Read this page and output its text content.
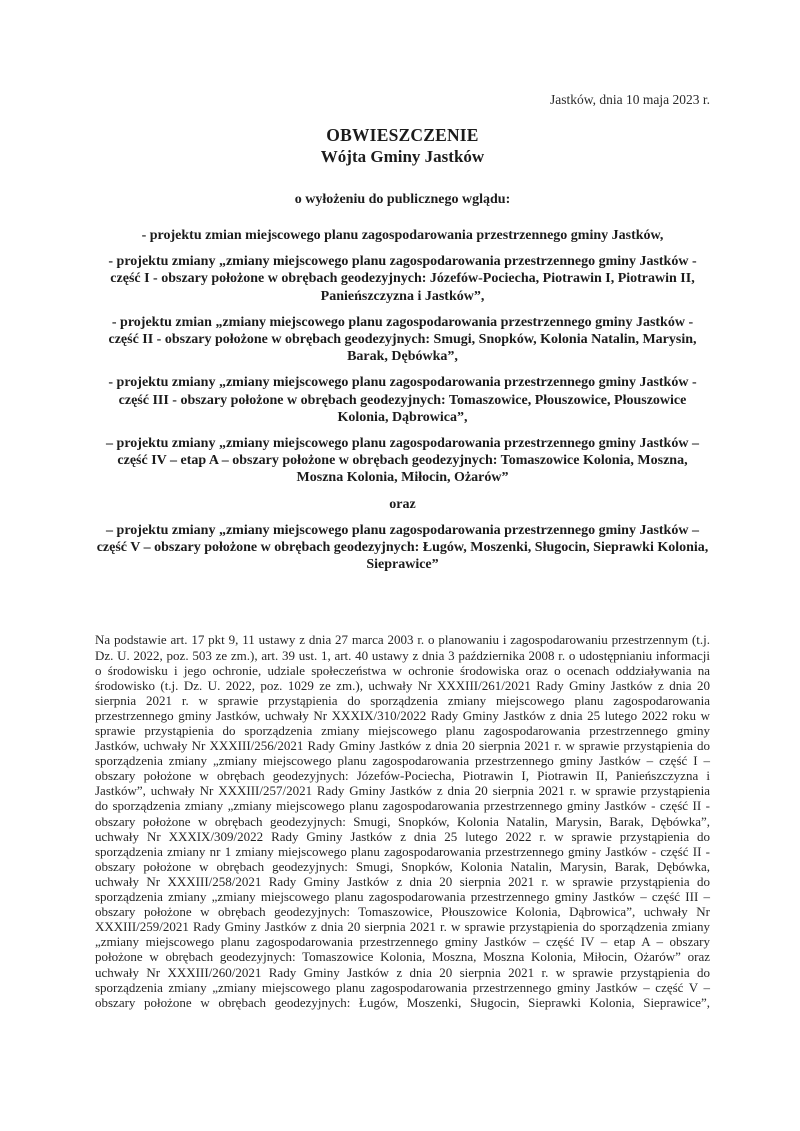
Jastków, dnia 10 maja 2023 r.

OBWIESZCZENIE
Wójta Gminy Jastków

o wyłożeniu do publicznego wglądu:

- projektu zmian miejscowego planu zagospodarowania przestrzennego gminy Jastków,

- projektu zmiany „zmiany miejscowego planu zagospodarowania przestrzennego gminy Jastków - część I - obszary położone w obrębach geodezyjnych: Józefów-Pociecha, Piotrawin I, Piotrawin II, Panieńszczyzna i Jastków”,

- projektu zmian „zmiany miejscowego planu zagospodarowania przestrzennego gminy Jastków - część II - obszary położone w obrębach geodezyjnych: Smugi, Snopków, Kolonia Natalin, Marysin, Barak, Dębówka”,

- projektu zmiany „zmiany miejscowego planu zagospodarowania przestrzennego gminy Jastków - część III - obszary położone w obrębach geodezyjnych: Tomaszowice, Płouszowice, Płouszowice Kolonia, Dąbrowica”,

– projektu zmiany „zmiany miejscowego planu zagospodarowania przestrzennego gminy Jastków – część IV – etap A – obszary położone w obrębach geodezyjnych: Tomaszowice Kolonia, Moszna, Moszna Kolonia, Miłocin, Ożarów”

oraz

– projektu zmiany „zmiany miejscowego planu zagospodarowania przestrzennego gminy Jastków – część V – obszary położone w obrębach geodezyjnych: Ługów, Moszenki, Sługocin, Sieprawki Kolonia, Sieprawice”

Na podstawie art. 17 pkt 9, 11 ustawy z dnia 27 marca 2003 r. o planowaniu i zagospodarowaniu przestrzennym (t.j. Dz. U. 2022, poz. 503 ze zm.), art. 39 ust. 1, art. 40 ustawy z dnia 3 października 2008 r. o udostępnianiu informacji o środowisku i jego ochronie, udziale społeczeństwa w ochronie środowiska oraz o ocenach oddziaływania na środowisko (t.j. Dz. U. 2022, poz. 1029 ze zm.), uchwały Nr XXXIII/261/2021 Rady Gminy Jastków z dnia 20 sierpnia 2021 r. w sprawie przystąpienia do sporządzenia zmiany miejscowego planu zagospodarowania przestrzennego gminy Jastków, uchwały Nr XXXIX/310/2022 Rady Gminy Jastków z dnia 25 lutego 2022 roku w sprawie przystąpienia do sporządzenia zmiany miejscowego planu zagospodarowania przestrzennego gminy Jastków, uchwały Nr XXXIII/256/2021 Rady Gminy Jastków z dnia 20 sierpnia 2021 r. w sprawie przystąpienia do sporządzenia zmiany „zmiany miejscowego planu zagospodarowania przestrzennego gminy Jastków – część I – obszary położone w obrębach geodezyjnych: Józefów-Pociecha, Piotrawin I, Piotrawin II, Panieńszczyzna i Jastków”, uchwały Nr XXXIII/257/2021 Rady Gminy Jastków z dnia 20 sierpnia 2021 r. w sprawie przystąpienia do sporządzenia zmiany „zmiany miejscowego planu zagospodarowania przestrzennego gminy Jastków - część II - obszary położone w obrębach geodezyjnych: Smugi, Snopków, Kolonia Natalin, Marysin, Barak, Dębówka”, uchwały Nr XXXIX/309/2022 Rady Gminy Jastków z dnia 25 lutego 2022 r. w sprawie przystąpienia do sporządzenia zmiany nr 1 zmiany miejscowego planu zagospodarowania przestrzennego gminy Jastków - część II - obszary położone w obrębach geodezyjnych: Smugi, Snopków, Kolonia Natalin, Marysin, Barak, Dębówka, uchwały Nr XXXIII/258/2021 Rady Gminy Jastków z dnia 20 sierpnia 2021 r. w sprawie przystąpienia do sporządzenia zmiany „zmiany miejscowego planu zagospodarowania przestrzennego gminy Jastków – część III – obszary położone w obrębach geodezyjnych: Tomaszowice, Płouszowice Kolonia, Dąbrowica”, uchwały Nr XXXIII/259/2021 Rady Gminy Jastków z dnia 20 sierpnia 2021 r. w sprawie przystąpienia do sporządzenia zmiany „zmiany miejscowego planu zagospodarowania przestrzennego gminy Jastków – część IV – etap A – obszary położone w obrębach geodezyjnych: Tomaszowice Kolonia, Moszna, Moszna Kolonia, Miłocin, Ożarów” oraz uchwały Nr XXXIII/260/2021 Rady Gminy Jastków z dnia 20 sierpnia 2021 r. w sprawie przystąpienia do sporządzenia zmiany „zmiany miejscowego planu zagospodarowania przestrzennego gminy Jastków – część V – obszary położone w obrębach geodezyjnych: Ługów, Moszenki, Sługocin, Sieprawki Kolonia, Sieprawice”,
